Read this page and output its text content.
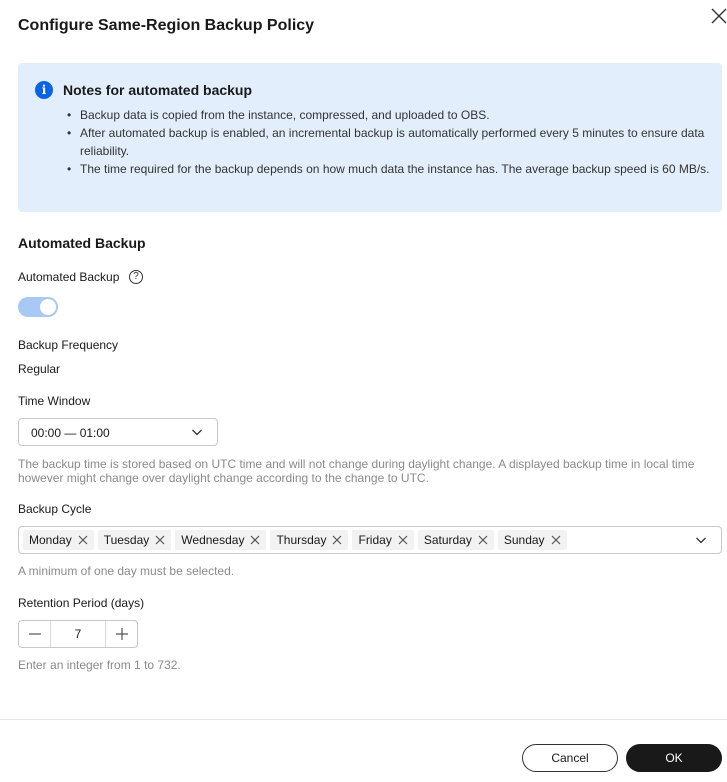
Configure Same-Region Backup Policy
i	Notes for automated backup
• Backup data is copied from the instance, compressed, and uploaded to OBS.
• After automated backup is enabled, an incremental backup is automatically performed every 5 minutes to ensure data reliability.
• The time required for the backup depends on how much data the instance has. The average backup speed is 60 MB/s.
Automated Backup
Automated Backup	?
Backup Frequency
Regular
Time Window
00:00 — 01:00
The backup time is stored based on UTC time and will not change during daylight change. A displayed backup time in local time however might change over daylight change according to the change to UTC.
Backup Cycle
Monday	Tuesday	Wednesday	Thursday	Friday	Saturday	Sunday
A minimum of one day must be selected.
Retention Period (days)
7
Enter an integer from 1 to 732.
Cancel	OK
